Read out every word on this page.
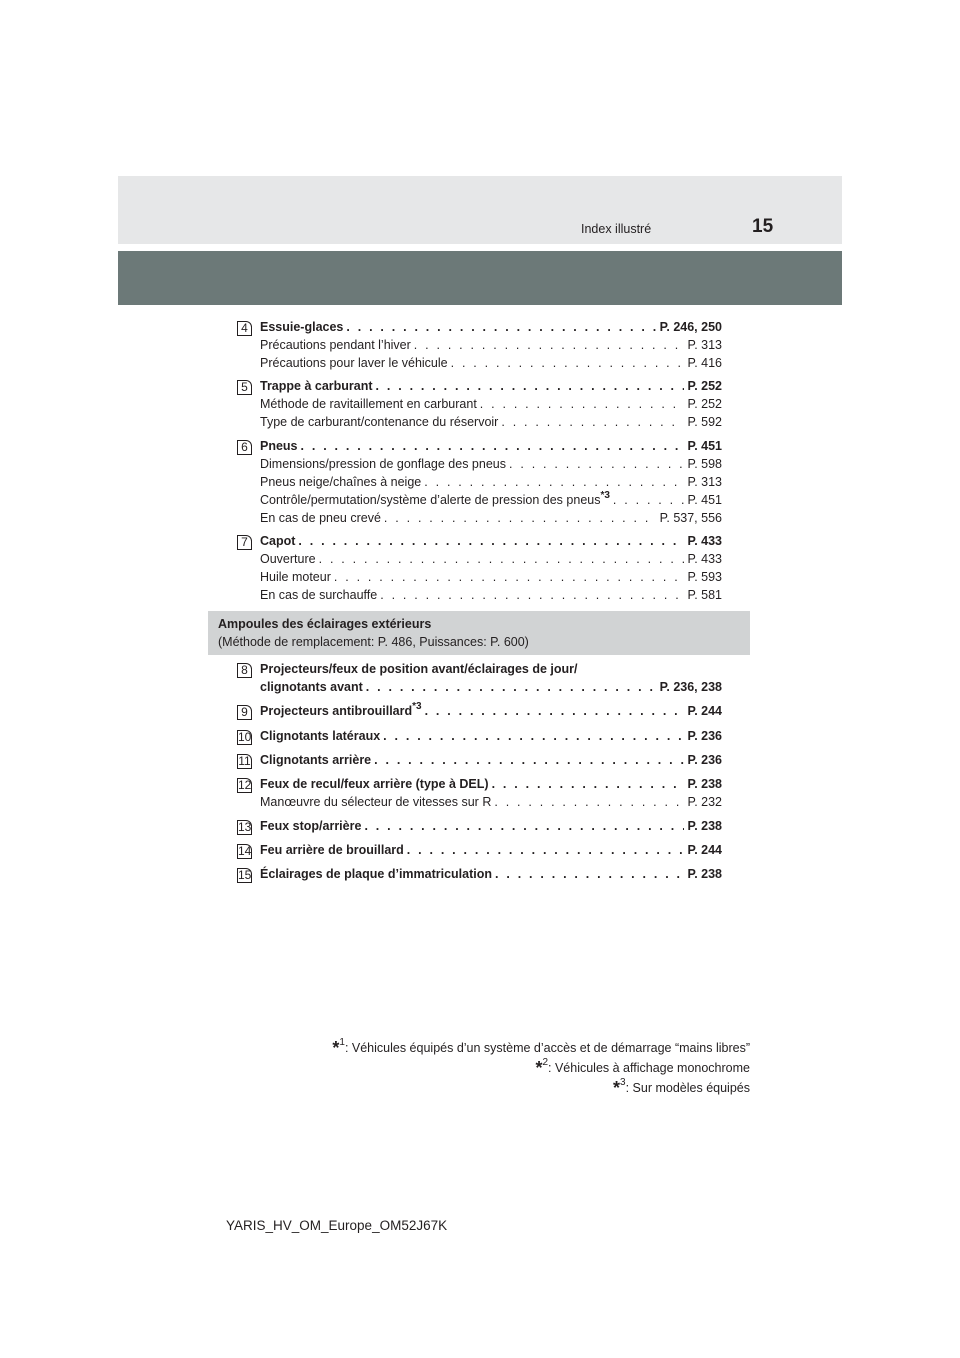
Index illustré	15
4 Essuie-glaces . . .	P. 246, 250
Précautions pendant l’hiver . . .	P. 313
Précautions pour laver le véhicule . . .	P. 416
5 Trappe à carburant . . .	P. 252
Méthode de ravitaillement en carburant . . .	P. 252
Type de carburant/contenance du réservoir . . .	P. 592
6 Pneus . . .	P. 451
Dimensions/pression de gonflage des pneus . . .	P. 598
Pneus neige/chaînes à neige . . .	P. 313
Contrôle/permutation/système d’alerte de pression des pneus$^{*3}$ . . .	P. 451
En cas de pneu crevé . . .	P. 537, 556
7 Capot . . .	P. 433
Ouverture . . .	P. 433
Huile moteur . . .	P. 593
En cas de surchauffe . . .	P. 581
Ampoules des éclairages extérieurs
(Méthode de remplacement: P. 486, Puissances: P. 600)
8 Projecteurs/feux de position avant/éclairages de jour/
clignotants avant . . .	P. 236, 238
9 Projecteurs antibrouillard$^{*3}$ . . .	P. 244
10 Clignotants latéraux . . .	P. 236
11 Clignotants arrière . . .	P. 236
12 Feux de recul/feux arrière (type à DEL) . . .	P. 238
Manœuvre du sélecteur de vitesses sur R . . .	P. 232
13 Feux stop/arrière . . .	P. 238
14 Feu arrière de brouillard . . .	P. 244
15 Éclairages de plaque d’immatriculation . . .	P. 238
*$^1$: Véhicules équipés d’un système d’accès et de démarrage “mains libres”
*$^2$: Véhicules à affichage monochrome
*$^3$: Sur modèles équipés
YARIS_HV_OM_Europe_OM52J67K
